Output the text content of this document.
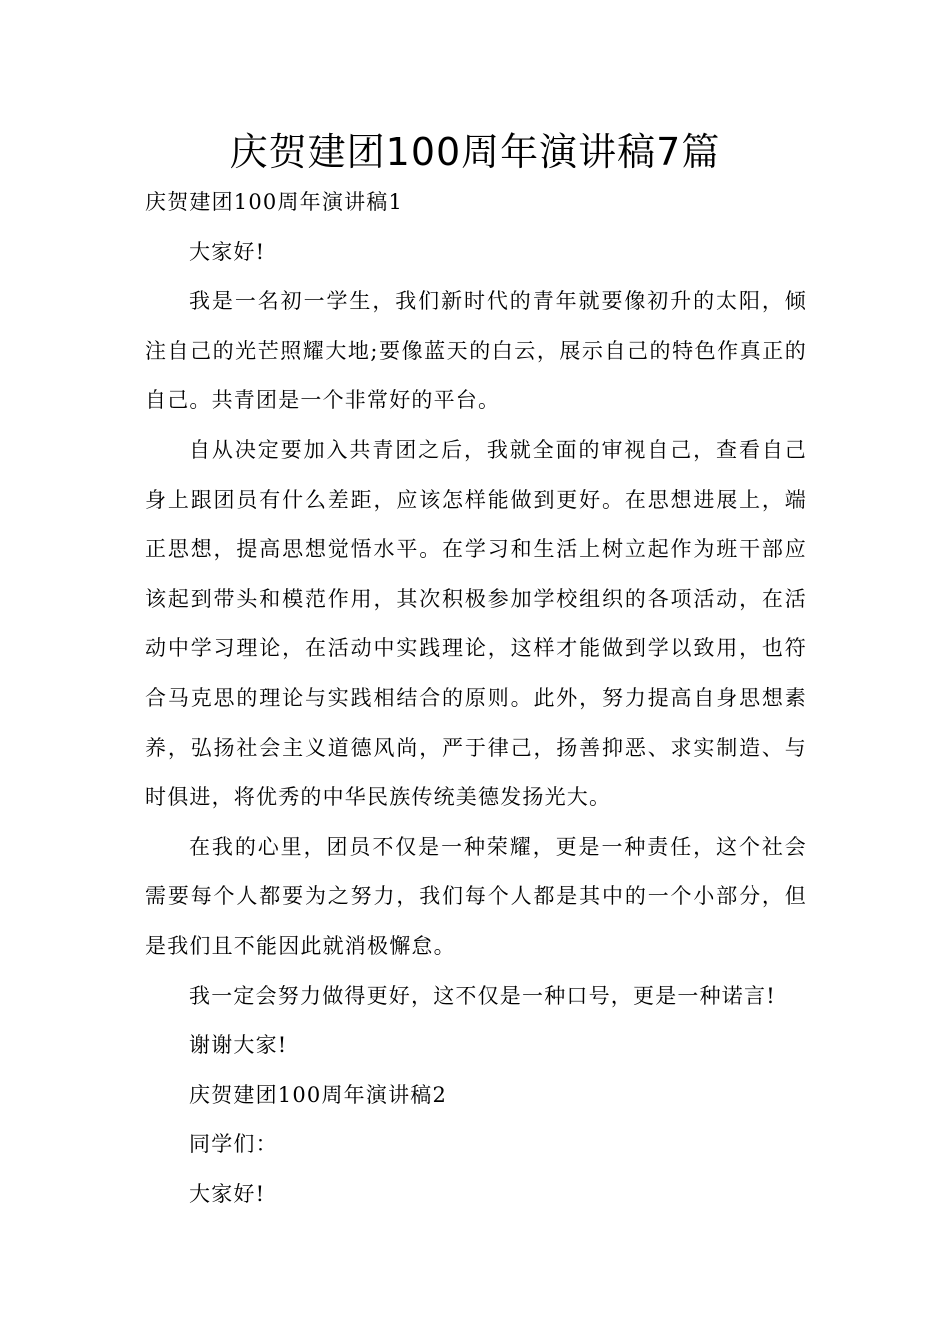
庆贺建团100周年演讲稿7篇

庆贺建团100周年演讲稿1

大家好!

我是一名初一学生，我们新时代的青年就要像初升的太阳，倾注自己的光芒照耀大地;要像蓝天的白云，展示自己的特色作真正的自己。共青团是一个非常好的平台。

自从决定要加入共青团之后，我就全面的审视自己，查看自己身上跟团员有什么差距，应该怎样能做到更好。在思想进展上，端正思想，提高思想觉悟水平。在学习和生活上树立起作为班干部应该起到带头和模范作用，其次积极参加学校组织的各项活动，在活动中学习理论，在活动中实践理论，这样才能做到学以致用，也符合马克思的理论与实践相结合的原则。此外，努力提高自身思想素养，弘扬社会主义道德风尚，严于律己，扬善抑恶、求实制造、与时俱进，将优秀的中华民族传统美德发扬光大。

在我的心里，团员不仅是一种荣耀，更是一种责任，这个社会需要每个人都要为之努力，我们每个人都是其中的一个小部分，但是我们且不能因此就消极懈怠。

我一定会努力做得更好，这不仅是一种口号，更是一种诺言!

谢谢大家!

庆贺建团100周年演讲稿2

同学们：

大家好!
